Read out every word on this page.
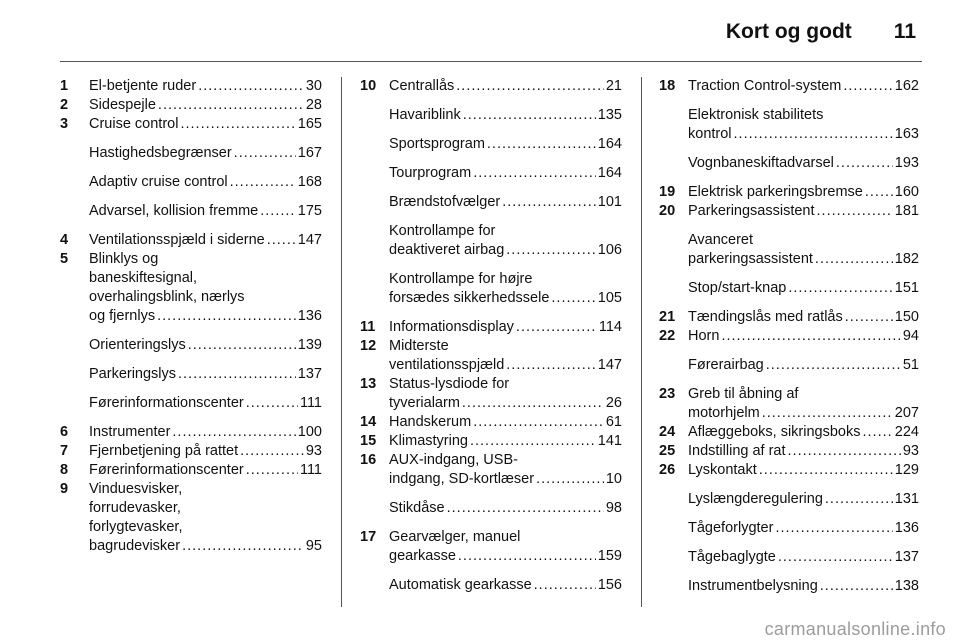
Kort og godt 11
1	El-betjente ruder .....	30
2	Sidespejle .....	28
3	Cruise control .....	165
Hastighedsbegrænser .....	167
Adaptiv cruise control .....	168
Advarsel, kollision fremme .....	175
4	Ventilationsspjæld i siderne ..... 147
5	Blinklys og
baneskiftesignal,
overhalingsblink, nærlys
og fjernlys .....	136
Orienteringslys .....	139
Parkeringslys .....	137
Førerinformationscenter .....	111
6	Instrumenter .....	100
7	Fjernbetjening på rattet .....	93
8	Førerinformationscenter .....	111
9	Vinduesvisker,
forrudevasker,
forlygtevasker,
bagrudevisker .....	95
10 Centrallås .....	21
Havariblink .....	135
Sportsprogram .....	164
Tourprogram .....	164
Brændstofvælger .....	101
Kontrollampe for
deaktiveret airbag .....	106
Kontrollampe for højre
forsædes sikkerhedssele .....	105
11 Informationsdisplay .....	114
12 Midterste
ventilationsspjæld .....	147
13 Status-lysdiode for
tyverialarm .....	26
14 Handskerum .....	61
15 Klimastyring .....	141
16 AUX-indgang, USB-
indgang, SD-kortlæser .....	10
Stikdåse .....	98
17 Gearvælger, manuel
gearkasse .....	159
Automatisk gearkasse .....	156
18 Traction Control-system .....	162
Elektronisk stabilitets
kontrol .....	163
Vognbaneskiftadvarsel .....	193
19 Elektrisk parkeringsbremse ..... 160
20 Parkeringsassistent .....	181
Avanceret
parkeringsassistent .....	182
Stop/start-knap .....	151
21 Tændingslås med ratlås .....	150
22 Horn .....	94
Førerairbag .....	51
23 Greb til åbning af
motorhjelm .....	207
24 Aflæggeboks, sikringsboks ..... 224
25 Indstilling af rat .....	93
26 Lyskontakt .....	129
Lyslængderegulering .....	131
Tågeforlygter .....	136
Tågebaglygte .....	137
Instrumentbelysning .....	138
carmanualsonline.info
